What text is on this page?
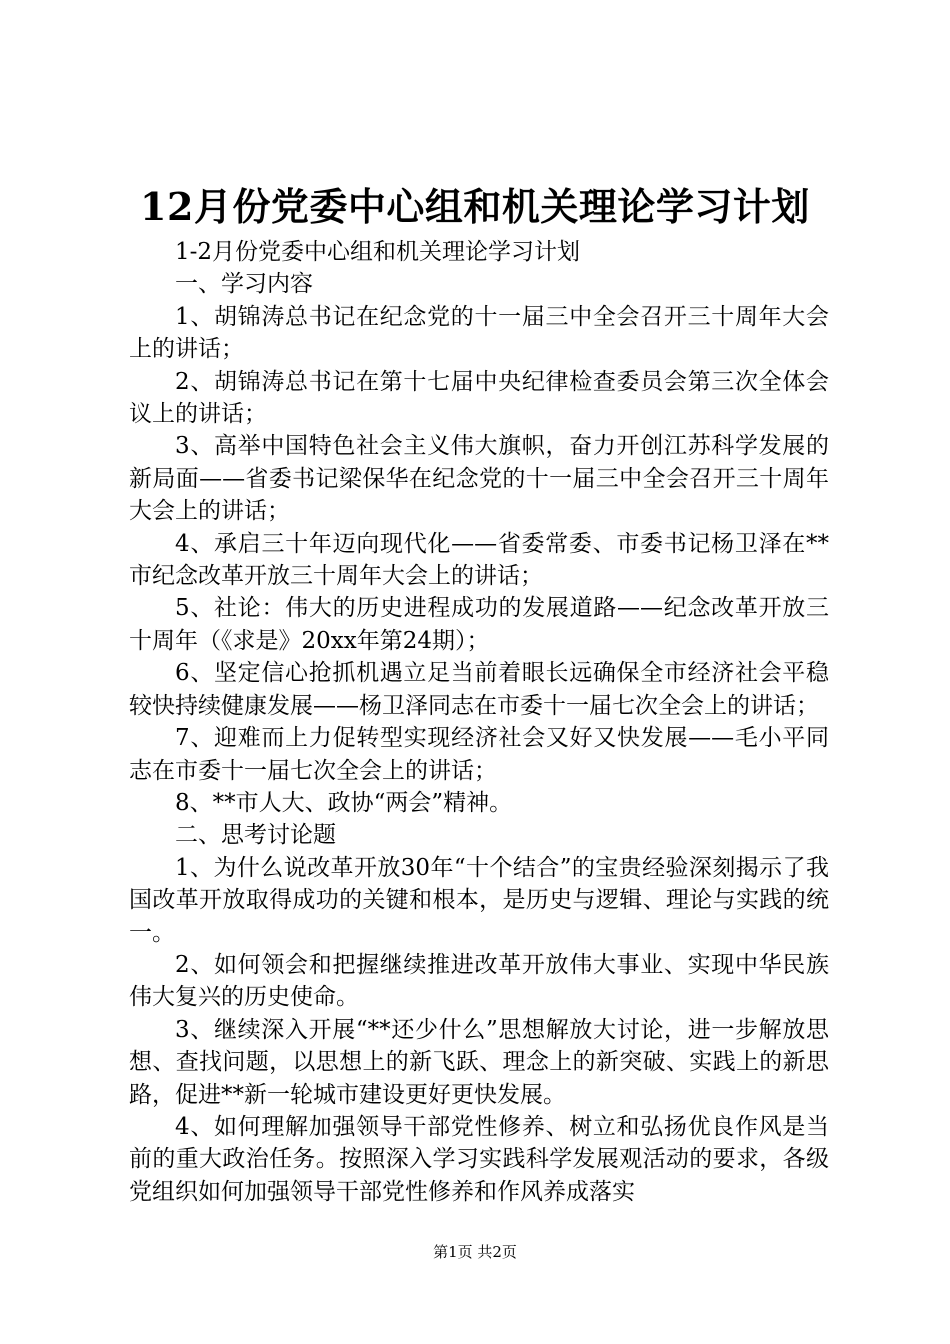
12月份党委中心组和机关理论学习计划

1-2月份党委中心组和机关理论学习计划

一、学习内容

1、胡锦涛总书记在纪念党的十一届三中全会召开三十周年大会上的讲话；

2、胡锦涛总书记在第十七届中央纪律检查委员会第三次全体会议上的讲话；

3、高举中国特色社会主义伟大旗帜，奋力开创江苏科学发展的新局面——省委书记梁保华在纪念党的十一届三中全会召开三十周年大会上的讲话；

4、承启三十年迈向现代化——省委常委、市委书记杨卫泽在**市纪念改革开放三十周年大会上的讲话；

5、社论：伟大的历史进程成功的发展道路——纪念改革开放三十周年（《求是》20xx年第24期）；

6、坚定信心抢抓机遇立足当前着眼长远确保全市经济社会平稳较快持续健康发展——杨卫泽同志在市委十一届七次全会上的讲话；

7、迎难而上力促转型实现经济社会又好又快发展——毛小平同志在市委十一届七次全会上的讲话；

8、**市人大、政协“两会”精神。

二、思考讨论题

1、为什么说改革开放30年“十个结合”的宝贵经验深刻揭示了我国改革开放取得成功的关键和根本，是历史与逻辑、理论与实践的统一。

2、如何领会和把握继续推进改革开放伟大事业、实现中华民族伟大复兴的历史使命。

3、继续深入开展“**还少什么”思想解放大讨论，进一步解放思想、查找问题，以思想上的新飞跃、理念上的新突破、实践上的新思路，促进**新一轮城市建设更好更快发展。

4、如何理解加强领导干部党性修养、树立和弘扬优良作风是当前的重大政治任务。按照深入学习实践科学发展观活动的要求，各级党组织如何加强领导干部党性修养和作风养成落实

第1页 共2页
